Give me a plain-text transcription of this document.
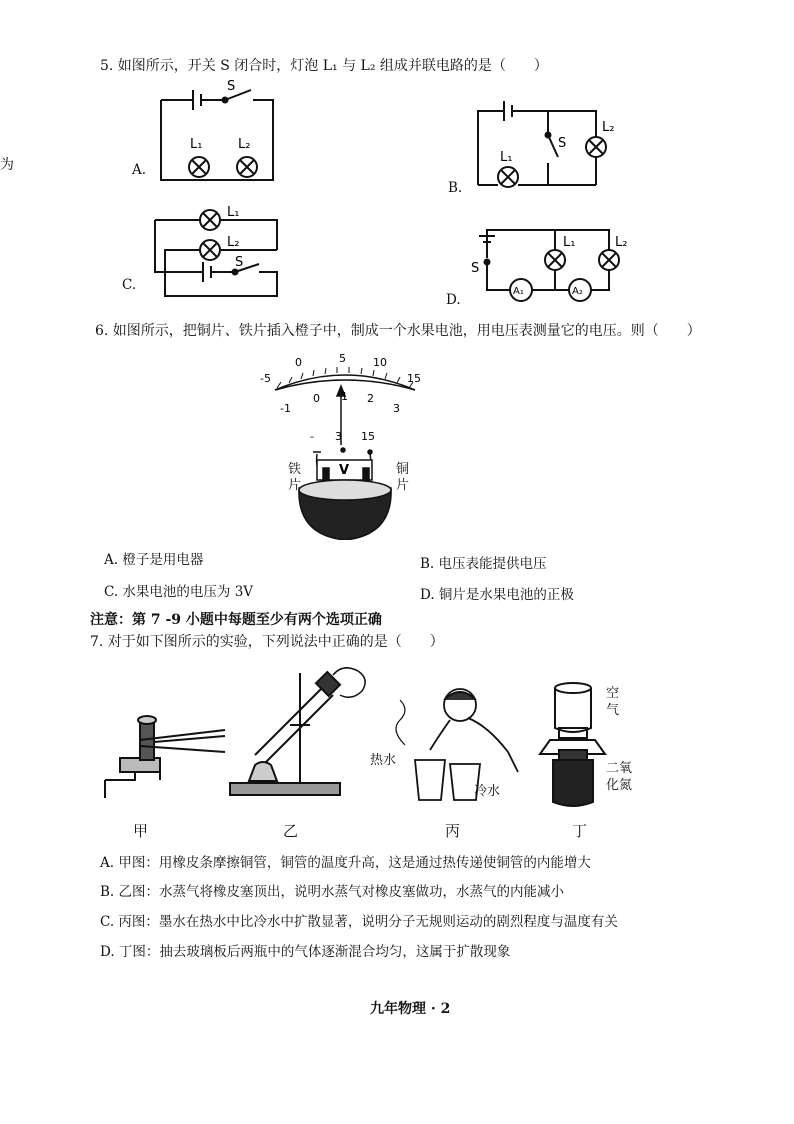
为
5. 如图所示，开关 S 闭合时，灯泡 L₁ 与 L₂ 组成并联电路的是（　　）
S
L₁	L₂
A.
S
L₁
L₂
B.
L₁
L₂
S
C.
S
L₁	L₂
A₁	A₂
D.
6. 如图所示，把铜片、铁片插入橙子中，制成一个水果电池，用电压表测量它的电压。则（　　）
-5
0	5 10
15
-1
0 1 2
3
- 3 15
V
铁片
铜片
A. 橙子是用电器	B. 电压表能提供电压
C. 水果电池的电压为 3V	D. 铜片是水果电池的正极
注意：第 7 -9 小题中每题至少有两个选项正确
7. 对于如下图所示的实验，下列说法中正确的是（　　）
甲	乙
热水
冷水
丙
空气
二氧化氮
丁
A. 甲图：用橡皮条摩擦铜管，铜管的温度升高，这是通过热传递使铜管的内能增大
B. 乙图：水蒸气将橡皮塞顶出，说明水蒸气对橡皮塞做功，水蒸气的内能减小
C. 丙图：墨水在热水中比冷水中扩散显著，说明分子无规则运动的剧烈程度与温度有关
D. 丁图：抽去玻璃板后两瓶中的气体逐渐混合均匀，这属于扩散现象
九年物理 · 2
